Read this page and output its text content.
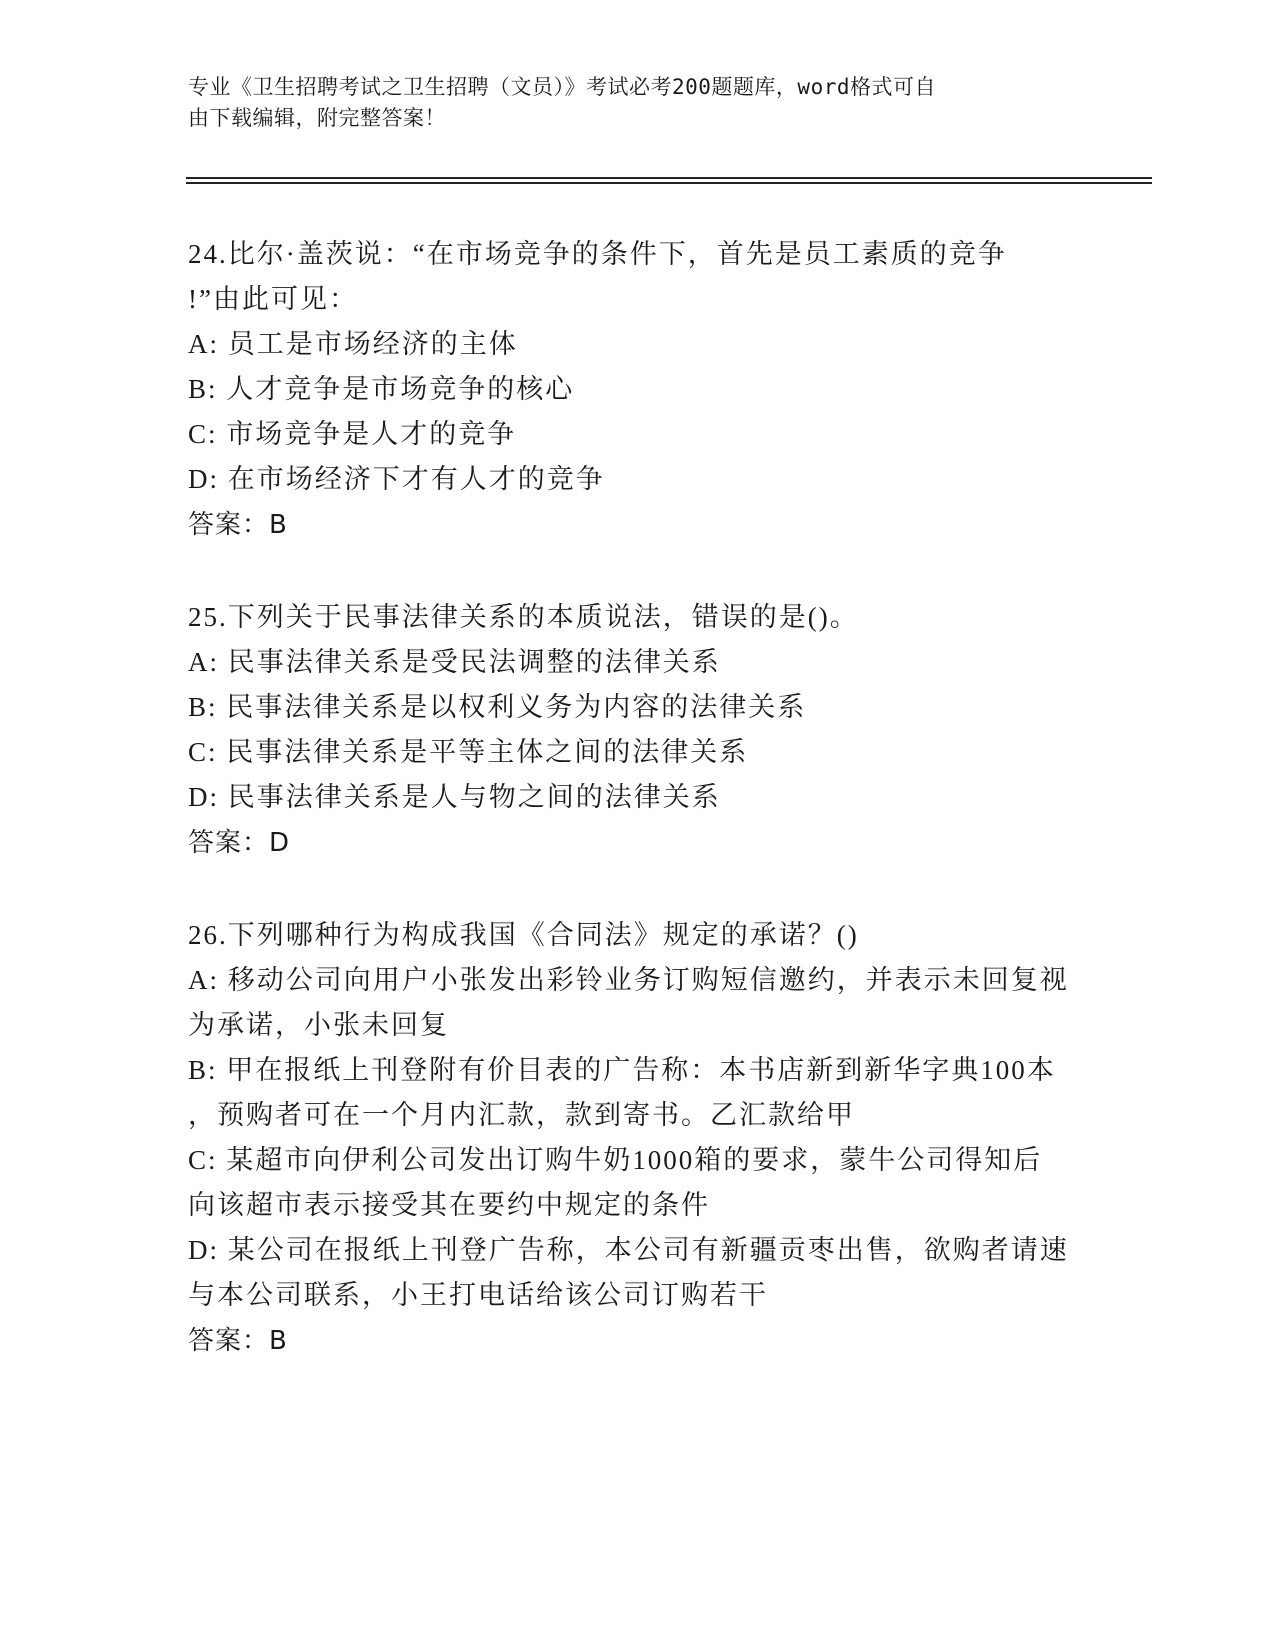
专业《卫生招聘考试之卫生招聘（文员）》考试必考200题题库，word格式可自
由下载编辑，附完整答案！
24.比尔·盖茨说：“在市场竞争的条件下，首先是员工素质的竞争
!”由此可见：
A: 员工是市场经济的主体
B: 人才竞争是市场竞争的核心
C: 市场竞争是人才的竞争
D: 在市场经济下才有人才的竞争
答案：B
25.下列关于民事法律关系的本质说法，错误的是()。
A: 民事法律关系是受民法调整的法律关系
B: 民事法律关系是以权利义务为内容的法律关系
C: 民事法律关系是平等主体之间的法律关系
D: 民事法律关系是人与物之间的法律关系
答案：D
26.下列哪种行为构成我国《合同法》规定的承诺？()
A: 移动公司向用户小张发出彩铃业务订购短信邀约，并表示未回复视
为承诺，小张未回复
B: 甲在报纸上刊登附有价目表的广告称：本书店新到新华字典100本
，预购者可在一个月内汇款，款到寄书。乙汇款给甲
C: 某超市向伊利公司发出订购牛奶1000箱的要求，蒙牛公司得知后
向该超市表示接受其在要约中规定的条件
D: 某公司在报纸上刊登广告称，本公司有新疆贡枣出售，欲购者请速
与本公司联系，小王打电话给该公司订购若干
答案：B
